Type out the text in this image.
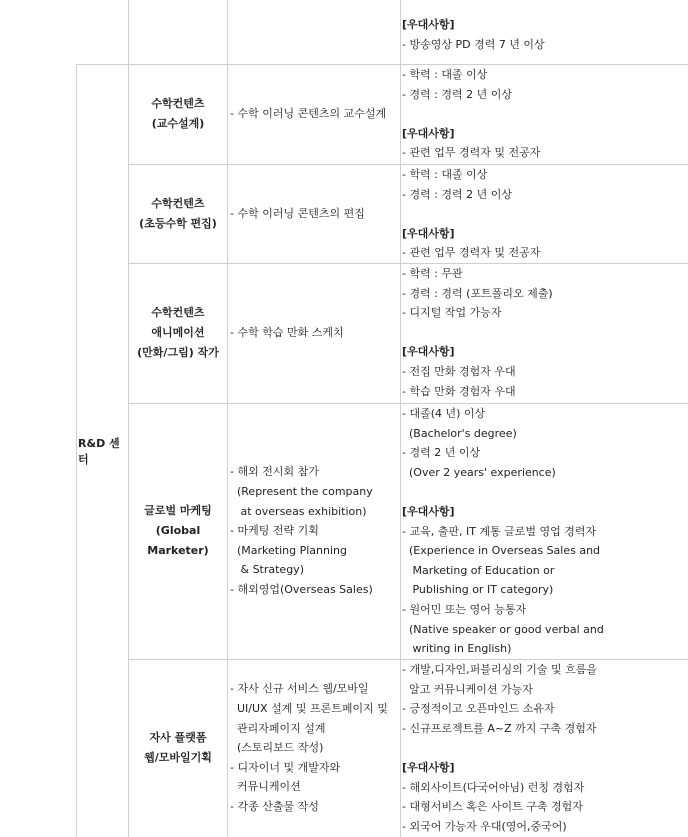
R&D 센터
[우대사항]
- 방송영상 PD 경력 7 년 이상
수학컨텐츠
(교수설계)
- 수학 이러닝 콘텐츠의 교수설계
- 학력 : 대졸 이상
- 경력 : 경력 2 년 이상
[우대사항]
- 관련 업무 경력자 및 전공자
수학컨텐츠
(초등수학 편집)
- 수학 이러닝 콘텐츠의 편집
- 학력 : 대졸 이상
- 경력 : 경력 2 년 이상
[우대사항]
- 관련 업무 경력자 및 전공자
수학컨텐츠
애니메이션
(만화/그림) 작가
- 수학 학습 만화 스케치
- 학력 : 무관
- 경력 : 경력 (포트폴리오 제출)
- 디지털 작업 가능자
[우대사항]
- 전집 만화 경험자 우대
- 학습 만화 경험자 우대
글로벌 마케팅
(Global Marketer)
- 해외 전시회 참가
(Represent the company
at overseas exhibition)
- 마케팅 전략 기획
(Marketing Planning
& Strategy)
- 해외영업(Overseas Sales)
- 대졸(4 년) 이상
(Bachelor's degree)
- 경력 2 년 이상
(Over 2 years' experience)
[우대사항]
- 교육, 출판, IT 계통 글로벌 영업 경력자
(Experience in Overseas Sales and
Marketing of Education or
Publishing or IT category)
- 원어민 또는 영어 능통자
(Native speaker or good verbal and
writing in English)
자사 플랫폼
웹/모바일기획
- 자사 신규 서비스 웹/모바일
UI/UX 설계 및 프론트페이지 및
관리자페이지 설계
(스토리보드 작성)
- 디자이너 및 개발자와
커뮤니케이션
- 각종 산출물 작성
- 개발,디자인,퍼블리싱의 기술 및 흐름을
알고 커뮤니케이션 가능자
- 긍정적이고 오픈마인드 소유자
- 신규프로젝트를 A~Z 까지 구축 경험자
[우대사항]
- 해외사이트(다국어아님) 런칭 경험자
- 대형서비스 혹은 사이트 구축 경험자
- 외국어 가능자 우대(영어,중국어)
